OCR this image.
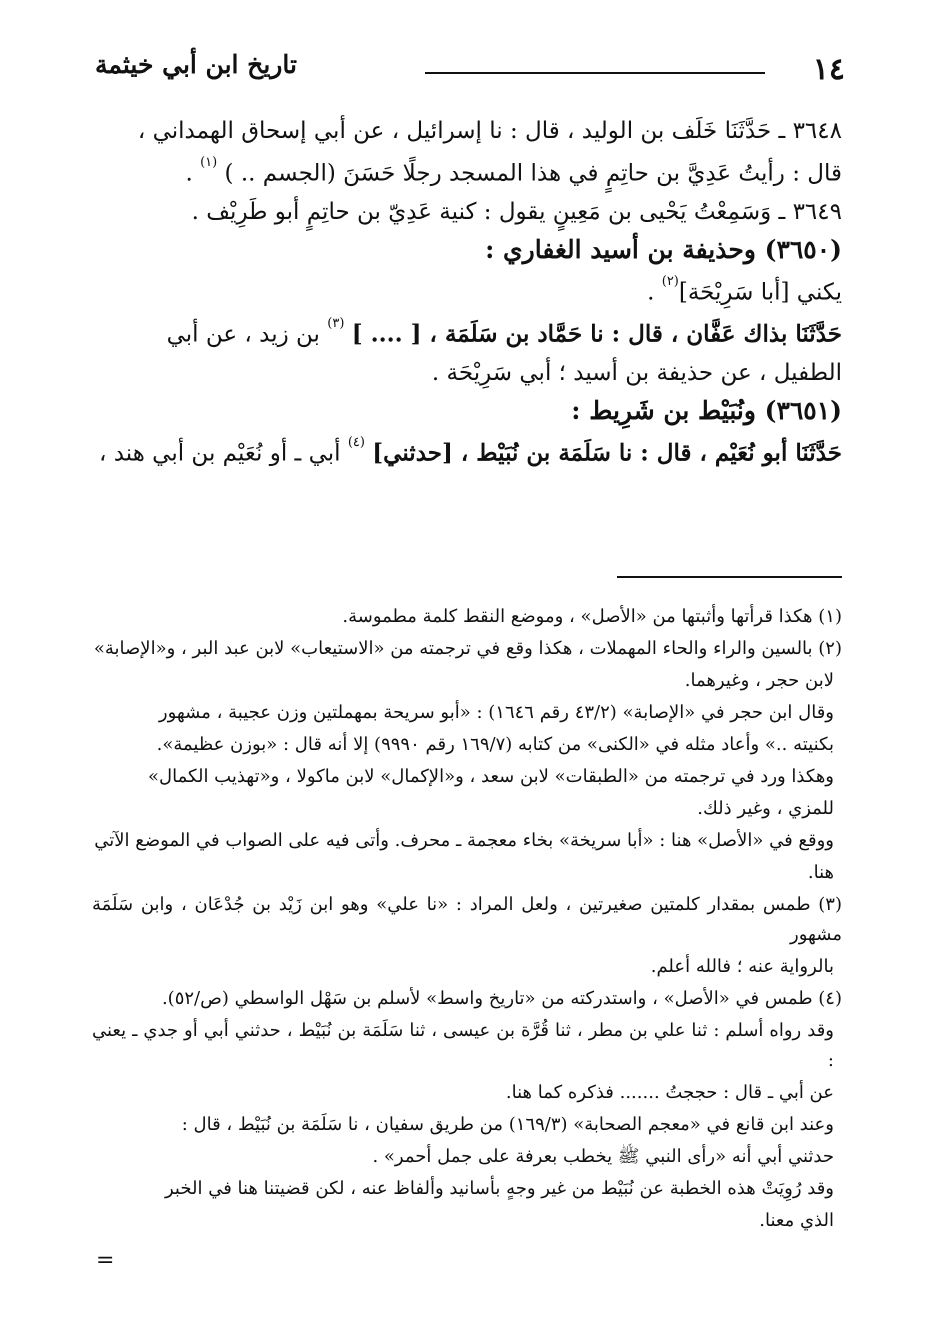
١٤
تاريخ ابن أبي خيثمة

٣٦٤٨ ـ حَدَّثَنَا خَلَف بن الوليد ، قال : نا إسرائيل ، عن أبي إسحاق الهمداني ،

قال : رأيتُ عَدِيَّ بن حاتِمٍ في هذا المسجد رجلًا حَسَنَ (الجسم .. ) $^{(١)}$ .

٣٦٤٩ ـ وَسَمِعْتُ يَحْيى بن مَعِينٍ يقول : كنية عَدِيّ بن حاتِمٍ أبو طَرِيْف .

(٣٦٥٠) وحذيفة بن أسيد الغفاري :

يكني [أبا سَرِيْحَة]$^{(٢)}$ .

حَدَّثَنَا بذاك عَفَّان ، قال : نا حَمَّاد بن سَلَمَة ، [ .... ] $^{(٣)}$ بن زيد ، عن أبي

الطفيل ، عن حذيفة بن أسيد ؛ أبي سَرِيْحَة .

(٣٦٥١) ونُبَيْط بن شَرِيط :

حَدَّثَنَا أبو نُعَيْم ، قال : نا سَلَمَة بن نُبَيْط ، [حدثني] $^{(٤)}$ أبي ـ أو نُعَيْم بن أبي هند ،

(١) هكذا قرأتها وأثبتها من «الأصل» ، وموضع النقط كلمة مطموسة.

(٢) بالسين والراء والحاء المهملات ، هكذا وقع في ترجمته من «الاستيعاب» لابن عبد البر ، و«الإصابة»

لابن حجر ، وغيرهما.

وقال ابن حجر في «الإصابة» (٤٣/٢ رقم ١٦٤٦) : «أبو سريحة بمهملتين وزن عجيبة ، مشهور

بكنيته ..» وأعاد مثله في «الكنى» من كتابه (١٦٩/٧ رقم ٩٩٩٠) إلا أنه قال : «بوزن عظيمة».

وهكذا ورد في ترجمته من «الطبقات» لابن سعد ، و«الإكمال» لابن ماكولا ، و«تهذيب الكمال»

للمزي ، وغير ذلك.

ووقع في «الأصل» هنا : «أبا سريخة» بخاء معجمة ـ محرف. وأتى فيه على الصواب في الموضع الآتي

هنا.

(٣) طمس بمقدار كلمتين صغيرتين ، ولعل المراد : «نا علي» وهو ابن زَيْد بن جُدْعَان ، وابن سَلَمَة مشهور

بالرواية عنه ؛ فالله أعلم.

(٤) طمس في «الأصل» ، واستدركته من «تاريخ واسط» لأسلم بن سَهْل الواسطي (ص/٥٢).

وقد رواه أسلم : ثنا علي بن مطر ، ثنا قُرَّة بن عيسى ، ثنا سَلَمَة بن نُبَيْط ، حدثني أبي أو جدي ـ يعني :

عن أبي ـ قال : حججتُ ....... فذكره كما هنا.

وعند ابن قانع في «معجم الصحابة» (١٦٩/٣) من طريق سفيان ، نا سَلَمَة بن نُبَيْط ، قال :

حدثني أبي أنه «رأى النبي ﷺ يخطب بعرفة على جمل أحمر» .

وقد رُوِيَتْ هذه الخطبة عن نُبَيْط من غير وجهٍ بأسانيد وألفاظ عنه ، لكن قضيتنا هنا في الخبر

الذي معنا.

=
